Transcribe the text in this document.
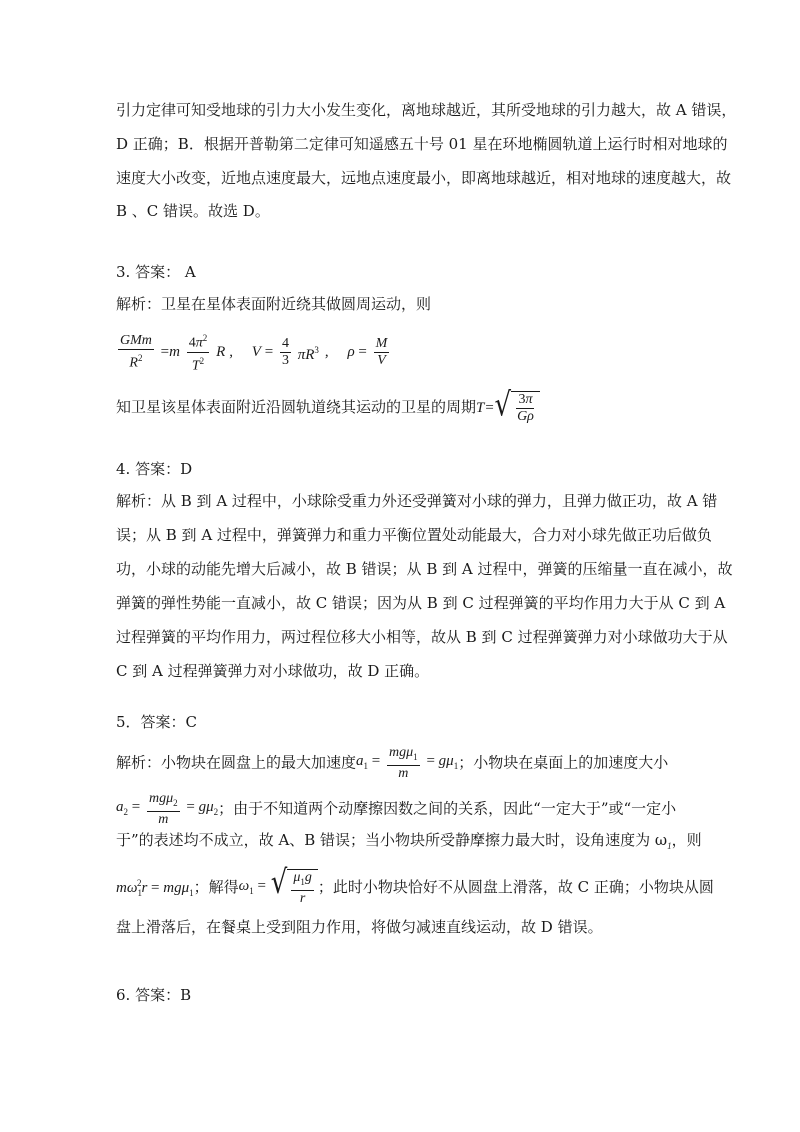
引力定律可知受地球的引力大小发生变化，离地球越近，其所受地球的引力越大，故 A 错误，
D 正确；B．根据开普勒第二定律可知遥感五十号 01 星在环地椭圆轨道上运行时相对地球的
速度大小改变，近地点速度最大，远地点速度最小，即离地球越近，相对地球的速度越大，故
B 、C 错误。故选 D。
3. 答案： A
解析：卫星在星体表面附近绕其做圆周运动，则
$\frac{\text{GMm}}{R^2} =m \frac{4\pi^2}{T^2}$ R , $V = \frac{4}{3} \pi R^3$ , $\rho = \frac{M}{V}$
知卫星该星体表面附近沿圆轨道绕其运动的卫星的周期T= √ $\frac{3\pi}{G\rho}$
4. 答案：D
解析：从 B 到 A 过程中，小球除受重力外还受弹簧对小球的弹力，且弹力做正功，故 A 错
误；从 B 到 A 过程中，弹簧弹力和重力平衡位置处动能最大，合力对小球先做正功后做负
功，小球的动能先增大后减小，故 B 错误；从 B 到 A 过程中，弹簧的压缩量一直在减小，故
弹簧的弹性势能一直减小，故 C 错误；因为从 B 到 C 过程弹簧的平均作用力大于从 C 到 A
过程弹簧的平均作用力，两过程位移大小相等，故从 B 到 C 过程弹簧弹力对小球做功大于从
C 到 A 过程弹簧弹力对小球做功，故 D 正确。
5．答案：C
解析：小物块在圆盘上的最大加速度$a_1 = \frac{mg\mu_1}{m} = g\mu_1$；小物块在桌面上的加速度大小
$a_2 = \frac{mg\mu_2}{m} = g\mu_2$；由于不知道两个动摩擦因数之间的关系，因此“一定大于”或“一定小
于”的表述均不成立，故 A、B 错误；当小物块所受静摩擦力最大时，设角速度为 $\omega_1$，则
$m\omega_1^2r = mg\mu_1$；解得$\omega_1$ = √ $\frac{\mu_1g}{r}$ ；此时小物块恰好不从圆盘上滑落，故 C 正确；小物块从圆
盘上滑落后，在餐桌上受到阻力作用，将做匀减速直线运动，故 D 错误。
6. 答案：B
